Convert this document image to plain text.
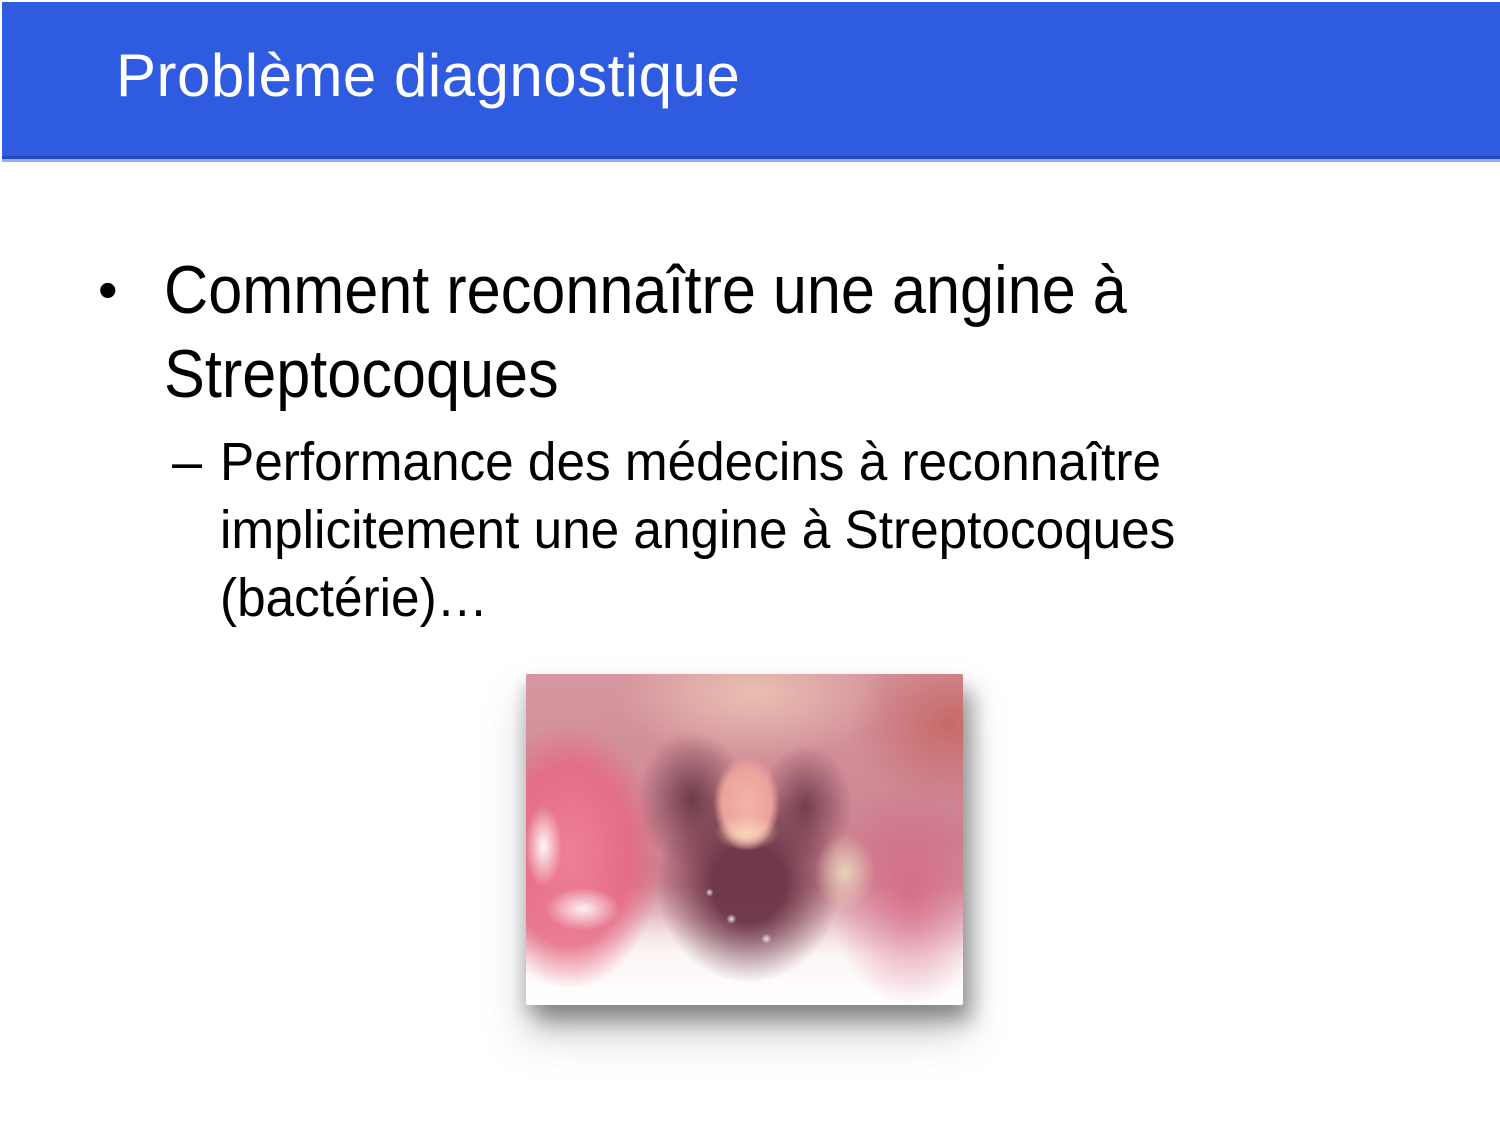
Problème diagnostique
• Comment reconnaître une angine à
Streptocoques
– Performance des médecins à reconnaître
implicitement une angine à Streptocoques
(bactérie)…
